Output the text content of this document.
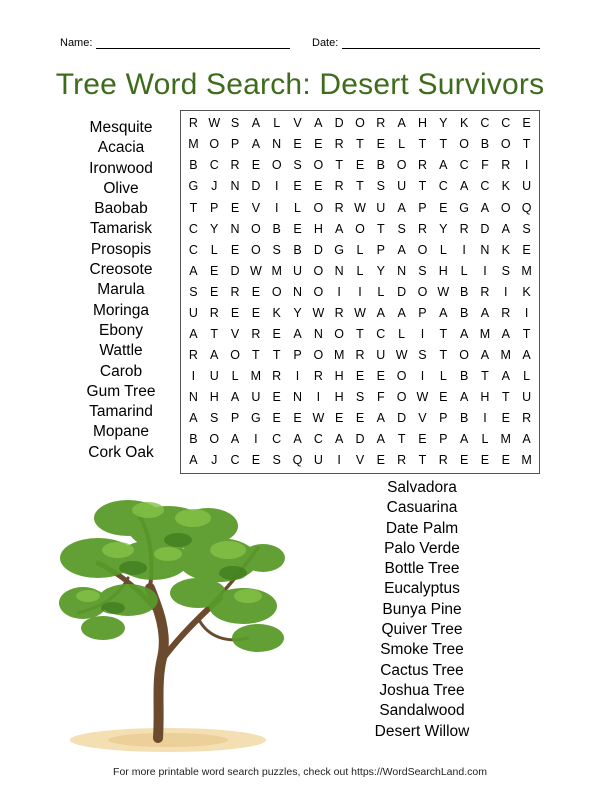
Name:	Date:
Tree Word Search: Desert Survivors
R W S A	L	V A D O R A H Y K C C E
M O P A N E E R	T	E	L	T	T O B O T
B C R E O S O T	E B O R A C F R	I
G	J	N D	I	E E R	T	S U T C A C K U
T	P E V	I	L O R W U A P E G A O Q
C Y N O B E H A O T	S R Y R D A S
C	L	E O S B D G L	P A O L	I	N K E
A E D W M U O N	L	Y N S H	L	I	S M
S E R E O N O	I	I	L	D O W B R	I	K
U R E E K Y W R W A A P A B A R	I
A	T	V R E A N O T C	L	I	T	A M A	T
R A O T	T	P O M R U W S	T O A M A
I	U	L M R	I	R H E E O	I	L	B	T	A	L
N H A U E N	I	H S	F O W E A H	T U
A S P G E E W E E A D V P B	I	E R
B O A	I	C A C A D A	T	E P A	L M A
A	J	C E S Q U	I	V E R T R E E E M
Mesquite
Acacia
Ironwood
Olive
Baobab
Tamarisk
Prosopis
Creosote
Marula
Moringa
Ebony
Wattle
Carob
Gum Tree
Tamarind
Mopane
Cork Oak
Salvadora
Casuarina
Date Palm
Palo Verde
Bottle Tree
Eucalyptus
Bunya Pine
Quiver Tree
Smoke Tree
Cactus Tree
Joshua Tree
Sandalwood
Desert Willow
For more printable word search puzzles, check out https://WordSearchLand.com
